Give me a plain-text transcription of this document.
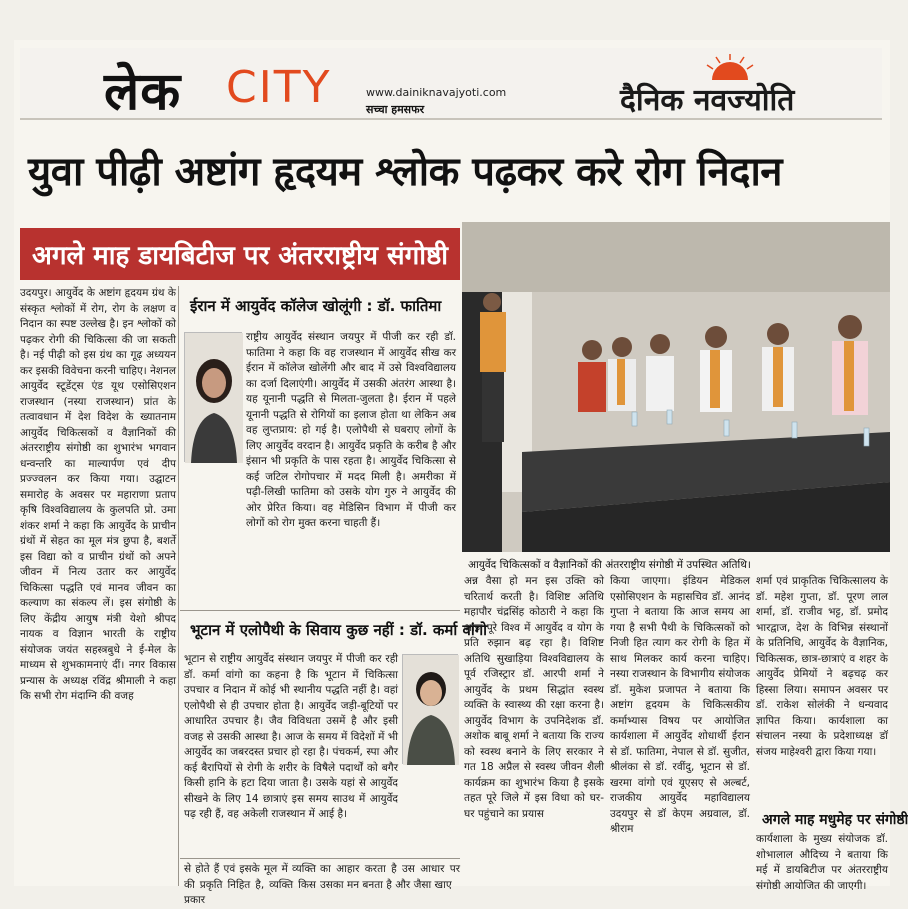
लेक CITY	www.dainiknavajyoti.com
सच्चा हमसफर	दैनिक नवज्योति
युवा पीढ़ी अष्टांग हृदयम श्लोक पढ़कर करे रोग निदान
अगले माह डायबिटीज पर अंतरराष्ट्रीय संगोष्ठी
आयुर्वेद चिकित्सकों व वैज्ञानिकों की अंतरराष्ट्रीय संगोष्ठी में उपस्थित अतिथि।

उदयपुर। आयुर्वेद के अष्टांग हृदयम ग्रंथ के संस्कृत श्लोकों में रोग, रोग के लक्षण व निदान का स्पष्ट उल्लेख है। इन श्लोकों को पढ़कर रोगी की चिकित्सा की जा सकती है। नई पीढ़ी को इस ग्रंथ का गूढ़ अध्ययन कर इसकी विवेचना करनी चाहिए। नेशनल आयुर्वेद स्टूडेंट्स एंड यूथ एसोसिएशन राजस्थान (नस्या राजस्थान) प्रांत के तत्वावधान में देश विदेश के ख्यातनाम आयुर्वेद चिकित्सकों व वैज्ञानिकों की अंतरराष्ट्रीय संगोष्ठी का शुभारंभ भगवान धन्वन्तरि का माल्यार्पण एवं दीप प्रज्ज्वलन कर किया गया। उद्घाटन समारोह के अवसर पर महाराणा प्रताप कृषि विश्वविद्यालय के कुलपति प्रो. उमा शंकर शर्मा ने कहा कि आयुर्वेद के प्राचीन ग्रंथों में सेहत का मूल मंत्र छुपा है, बशर्ते इस विद्या को व प्राचीन ग्रंथों को अपने जीवन में नित्य उतार कर आयुर्वेद चिकित्सा पद्धति एवं मानव जीवन का कल्याण का संकल्प लें। इस संगोष्ठी के लिए केंद्रीय आयुष मंत्री येशो श्रीपद नायक व विज्ञान भारती के राष्ट्रीय संयोजक जयंत सहस्त्रबुधे ने ई-मेल के माध्यम से शुभकामनाएं दीं। नगर विकास प्रन्यास के अध्यक्ष रविंद्र श्रीमाली ने कहा कि सभी रोग मंदाग्नि की वजह

ईरान में आयुर्वेद कॉलेज खोलूंगी : डॉ. फातिमा
राष्ट्रीय आयुर्वेद संस्थान जयपुर में पीजी कर रही डॉ. फातिमा ने कहा कि वह राजस्थान में आयुर्वेद सीख कर ईरान में कॉलेज खोलेंगी और बाद में उसे विश्वविद्यालय का दर्जा दिलाएंगी। आयुर्वेद में उसकी अंतरंग आस्था है। यह यूनानी पद्धति से मिलता-जुलता है। ईरान में पहले यूनानी पद्धति से रोगियों का इलाज होता था लेकिन अब वह लुप्तप्राय: हो गई है। एलोपैथी से घबराए लोगों के लिए आयुर्वेद वरदान है। आयुर्वेद प्रकृति के करीब है और इंसान भी प्रकृति के पास रहता है। आयुर्वेद चिकित्सा से कई जटिल रोगोपचार में मदद मिली है। अमरीका में पढ़ी-लिखी फातिमा को उसके योग गुरु ने आयुर्वेद की ओर प्रेरित किया। वह मेडिसिन विभाग में पीजी कर लोगों को रोग मुक्त करना चाहती हैं।
भूटान में एलोपैथी के सिवाय कुछ नहीं : डॉ. कर्मा वांगो
भूटान से राष्ट्रीय आयुर्वेद संस्थान जयपुर में पीजी कर रही डॉ. कर्मा वांगो का कहना है कि भूटान में चिकित्सा उपचार व निदान में कोई भी स्थानीय पद्धति नहीं है। वहां एलोपैथी से ही उपचार होता है। आयुर्वेद जड़ी-बूटियों पर आधारित उपचार है। जैव विविधता उसमें है और इसी वजह से उसकी आस्था है। आज के समय में विदेशों में भी आयुर्वेद का जबरदस्त प्रचार हो रहा है। पंचकर्म, स्पा और कई बैरापियों से रोगी के शरीर के विषैले पदार्थों को बगैर किसी हानि के हटा दिया जाता है। उसके यहां से आयुर्वेद सीखने के लिए 14 छात्राएं इस समय साउथ में आयुर्वेद पढ़ रही हैं, वह अकेली राजस्थान में आई है।

से होते हैं एवं इसके मूल में व्यक्ति की प्रकृति निहित है, व्यक्ति किस प्रकार

का आहार करता है उस आधार पर उसका मन बनता है और जैसा खाए

अन्न वैसा हो मन इस उक्ति को चरितार्थ करती है। विशिष्ट अतिथि महापौर चंद्रसिंह कोठारी ने कहा कि आज पूरे विश्व में आयुर्वेद व योग के प्रति रुझान बढ़ रहा है। विशिष्ट अतिथि सुखाड़िया विश्वविद्यालय के पूर्व रजिस्ट्रार डॉ. आरपी शर्मा ने आयुर्वेद के प्रथम सिद्धांत स्वस्थ व्यक्ति के स्वास्थ्य की रक्षा करना है। आयुर्वेद विभाग के उपनिदेशक डॉ. अशोक बाबू शर्मा ने बताया कि राज्य को स्वस्थ बनाने के लिए सरकार ने गत 18 अप्रैल से स्वस्थ जीवन शैली कार्यक्रम का शुभारंभ किया है इसके तहत पूरे जिले में इस विधा को घर-घर पहुंचाने का प्रयास

किया जाएगा। इंडियन मेडिकल एसोसिएशन के महासचिव डॉ. आनंद गुप्ता ने बताया कि आज समय आ गया है सभी पैथी के चिकित्सकों को निजी हित त्याग कर रोगी के हित में साथ मिलकर कार्य करना चाहिए। नस्या राजस्थान के विभागीय संयोजक डॉ. मुकेश प्रजापत ने बताया कि अष्टांग हृदयम के चिकित्सकीय कर्माभ्यास विषय पर आयोजित कार्यशाला में आयुर्वेद शोधार्थी ईरान से डॉ. फातिमा, नेपाल से डॉ. सुजीत, श्रीलंका से डॉ. रवींदु, भूटान से डॉ. खरमा वांगो एवं यूएसए से अल्बर्ट, राजकीय आयुर्वेद महाविद्यालय उदयपुर से डॉ केएम अग्रवाल, डॉ. श्रीराम

शर्मा एवं प्राकृतिक चिकित्सालय के डॉ. महेश गुप्ता, डॉ. पूरण लाल शर्मा, डॉ. राजीव भट्ट, डॉ. प्रमोद भारद्वाज, देश के विभिन्न संस्थानों के प्रतिनिधि, आयुर्वेद के वैज्ञानिक, चिकित्सक, छात्र-छात्राएं व शहर के आयुर्वेद प्रेमियों ने बढ़चढ़ कर हिस्सा लिया। समापन अवसर पर डॉ. राकेश सोलंकी ने धन्यवाद ज्ञापित किया। कार्यशाला का संचालन नस्या के प्रदेशाध्यक्ष डॉ संजय माहेश्वरी द्वारा किया गया।

अगले माह मधुमेह पर संगोष्ठी

कार्यशाला के मुख्य संयोजक डॉ. शोभालाल औदिच्य ने बताया कि मई में डायबिटीज पर अंतरराष्ट्रीय संगोष्ठी आयोजित की जाएगी।
